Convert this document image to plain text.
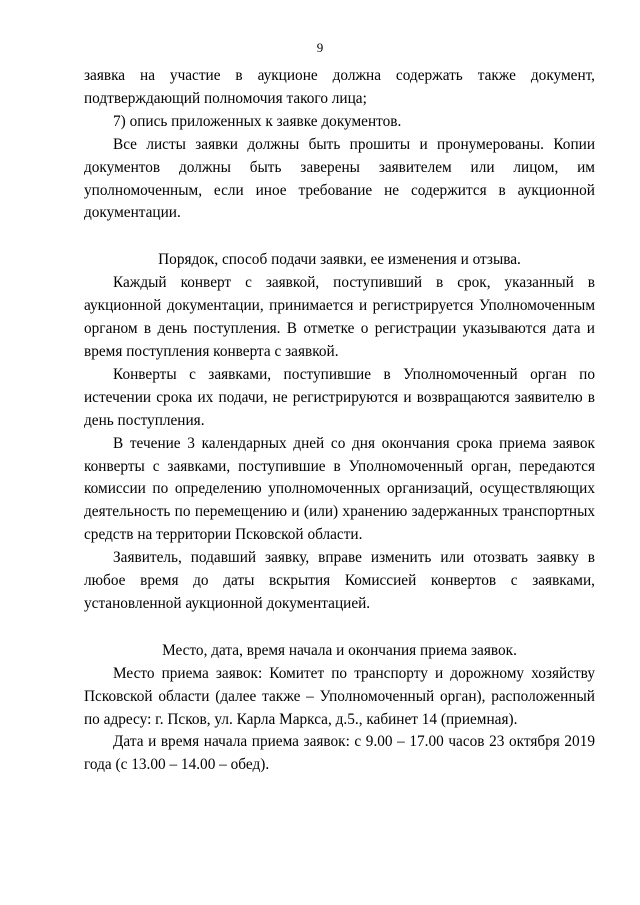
9

заявка на участие в аукционе должна содержать также документ, подтверждающий полномочия такого лица;

7) опись приложенных к заявке документов.

Все листы заявки должны быть прошиты и пронумерованы. Копии документов должны быть заверены заявителем или лицом, им уполномоченным, если иное требование не содержится в аукционной документации.

Порядок, способ подачи заявки, ее изменения и отзыва.

Каждый конверт с заявкой, поступивший в срок, указанный в аукционной документации, принимается и регистрируется Уполномоченным органом в день поступления. В отметке о регистрации указываются дата и время поступления конверта с заявкой.

Конверты с заявками, поступившие в Уполномоченный орган по истечении срока их подачи, не регистрируются и возвращаются заявителю в день поступления.

В течение 3 календарных дней со дня окончания срока приема заявок конверты с заявками, поступившие в Уполномоченный орган, передаются комиссии по определению уполномоченных организаций, осуществляющих деятельность по перемещению и (или) хранению задержанных транспортных средств на территории Псковской области.

Заявитель, подавший заявку, вправе изменить или отозвать заявку в любое время до даты вскрытия Комиссией конвертов с заявками, установленной аукционной документацией.

Место, дата, время начала и окончания приема заявок.

Место приема заявок: Комитет по транспорту и дорожному хозяйству Псковской области (далее также – Уполномоченный орган), расположенный по адресу: г. Псков, ул. Карла Маркса, д.5., кабинет 14 (приемная).

Дата и время начала приема заявок: с 9.00 – 17.00 часов 23 октября 2019 года (с 13.00 – 14.00 – обед).
